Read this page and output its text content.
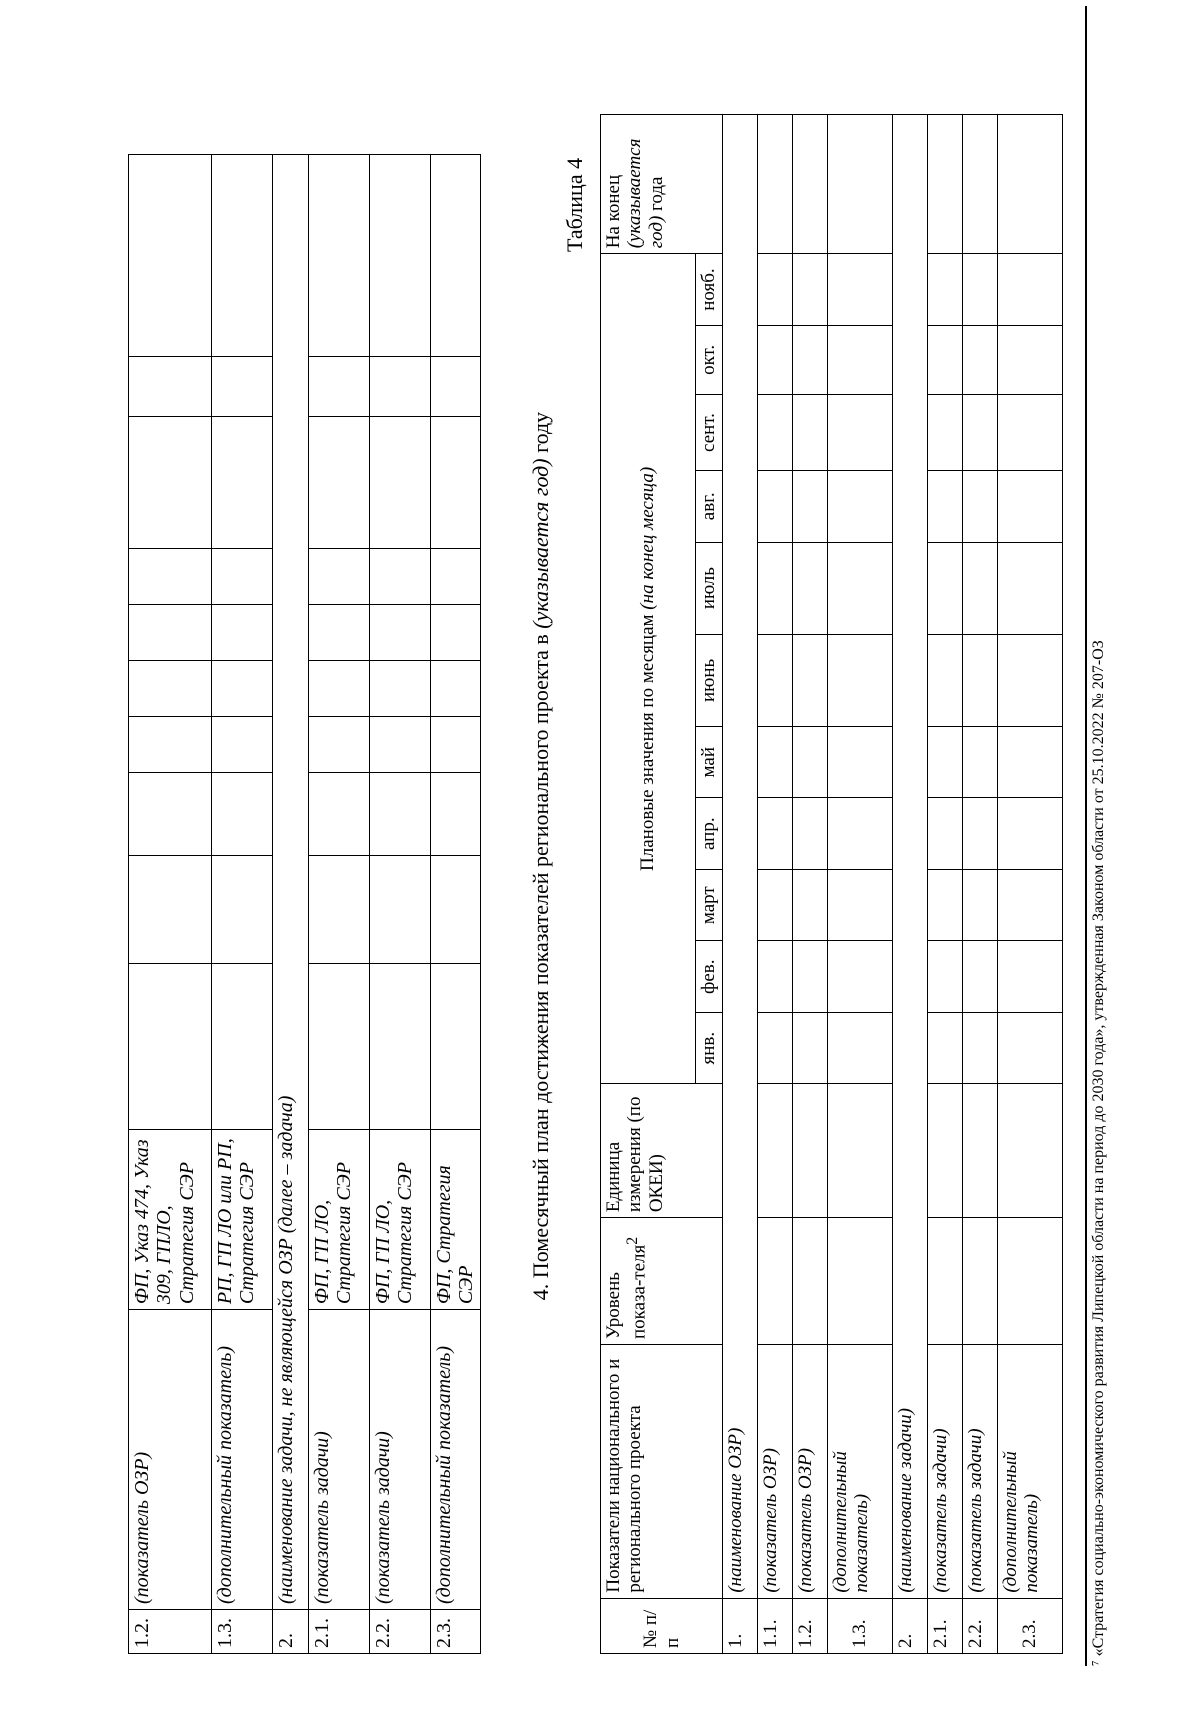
1.2.	(показатель ОЗР)	ФП, Указ 474, Указ 309, ГПЛО, Стратегия СЭР										
1.3.	(дополнительный показатель)	РП, ГП ЛО или РП, Стратегия СЭР										
2.	(наименование задачи, не являющейся ОЗР (далее – задача)											
2.1.	(показатель задачи)	ФП, ГП ЛО, Стратегия СЭР										
2.2.	(показатель задачи)	ФП, ГП ЛО, Стратегия СЭР										
2.3.	(дополнительный показатель)	ФП, Стратегия СЭР										4. Помесячный план достижения показателей регионального проекта в (указывается год) году
Таблица 4
№ п/п	Показатели национального и регионального проекта	Уровень показа-теля$^2$	Единица измерения (по ОКЕИ)	Плановые значения по месяцам (на конец месяца)											На конец (указывается год) года
				янв.	фев.	март	апр.	май	июнь	июль	авг.	сент.	окт.	нояб.	
1.	(наименование ОЗР)														
1.1.	(показатель ОЗР)														
1.2.	(показатель ОЗР)														
1.3.	(дополнительный показатель)														
2.	(наименование задачи)														
2.1.	(показатель задачи)														
2.2.	(показатель задачи)														
2.3.	(дополнительный показатель)															⁷ «Стратегия социально-экономического развития Липецкой области на период до 2030 года», утвержденная Законом области от 25.10.2022 № 207-ОЗ
